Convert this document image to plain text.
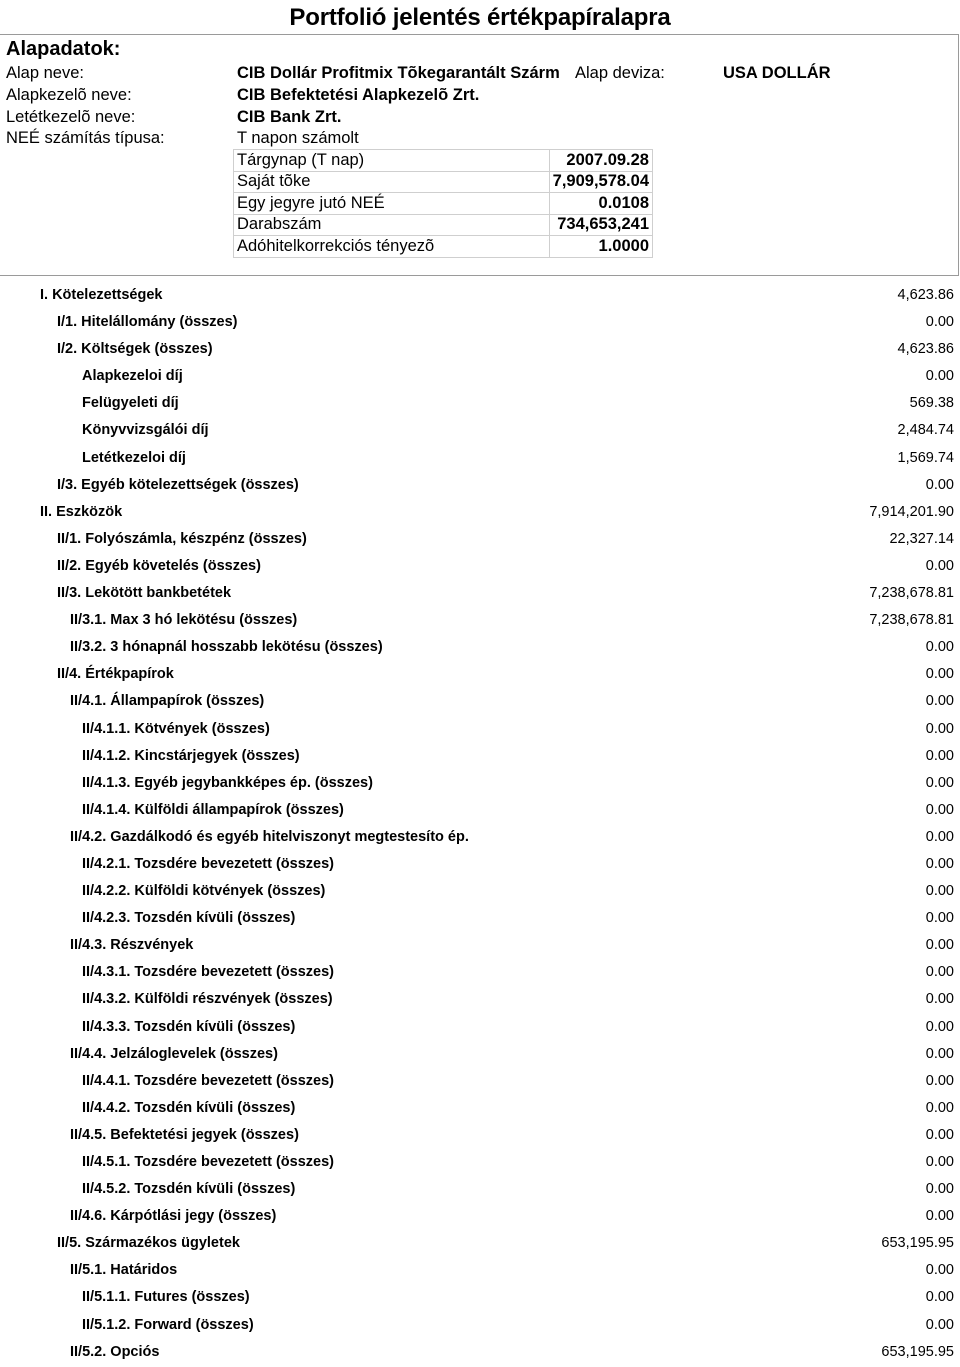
Portfolió jelentés értékpapíralapra
Alapadatok:
Alap neve:	CIB Dollár Profitmix Tõkegarantált Szárm Alap deviza:	USA DOLLÁR
Alapkezelõ neve:	CIB Befektetési Alapkezelõ Zrt.
Letétkezelõ neve:	CIB Bank Zrt.
NEÉ számítás típusa:	T napon számolt
Tárgynap (T nap)	2007.09.28
Saját tõke	7,909,578.04
Egy jegyre jutó NEÉ	0.0108
Darabszám	734,653,241
Adóhitelkorrekciós tényezõ	1.0000
I. Kötelezettségek	4,623.86
I/1. Hitelállomány (összes)	0.00
I/2. Költségek (összes)	4,623.86
Alapkezeloi díj	0.00
Felügyeleti díj	569.38
Könyvvizsgálói díj	2,484.74
Letétkezeloi díj	1,569.74
I/3. Egyéb kötelezettségek (összes)	0.00
II. Eszközök	7,914,201.90
II/1. Folyószámla, készpénz (összes)	22,327.14
II/2. Egyéb követelés (összes)	0.00
II/3. Lekötött bankbetétek	7,238,678.81
II/3.1. Max 3 hó lekötésu (összes)	7,238,678.81
II/3.2. 3 hónapnál hosszabb lekötésu (összes)	0.00
II/4. Értékpapírok	0.00
II/4.1. Állampapírok (összes)	0.00
II/4.1.1. Kötvények (összes)	0.00
II/4.1.2. Kincstárjegyek (összes)	0.00
II/4.1.3. Egyéb jegybankképes ép. (összes)	0.00
II/4.1.4. Külföldi állampapírok (összes)	0.00
II/4.2. Gazdálkodó és egyéb hitelviszonyt megtestesíto ép.	0.00
II/4.2.1. Tozsdére bevezetett (összes)	0.00
II/4.2.2. Külföldi kötvények (összes)	0.00
II/4.2.3. Tozsdén kívüli (összes)	0.00
II/4.3. Részvények	0.00
II/4.3.1. Tozsdére bevezetett (összes)	0.00
II/4.3.2. Külföldi részvények (összes)	0.00
II/4.3.3. Tozsdén kívüli (összes)	0.00
II/4.4. Jelzáloglevelek (összes)	0.00
II/4.4.1. Tozsdére bevezetett (összes)	0.00
II/4.4.2. Tozsdén kívüli (összes)	0.00
II/4.5. Befektetési jegyek (összes)	0.00
II/4.5.1. Tozsdére bevezetett (összes)	0.00
II/4.5.2. Tozsdén kívüli (összes)	0.00
II/4.6. Kárpótlási jegy (összes)	0.00
II/5. Származékos ügyletek	653,195.95
II/5.1. Határidos	0.00
II/5.1.1. Futures (összes)	0.00
II/5.1.2. Forward (összes)	0.00
II/5.2. Opciós	653,195.95
